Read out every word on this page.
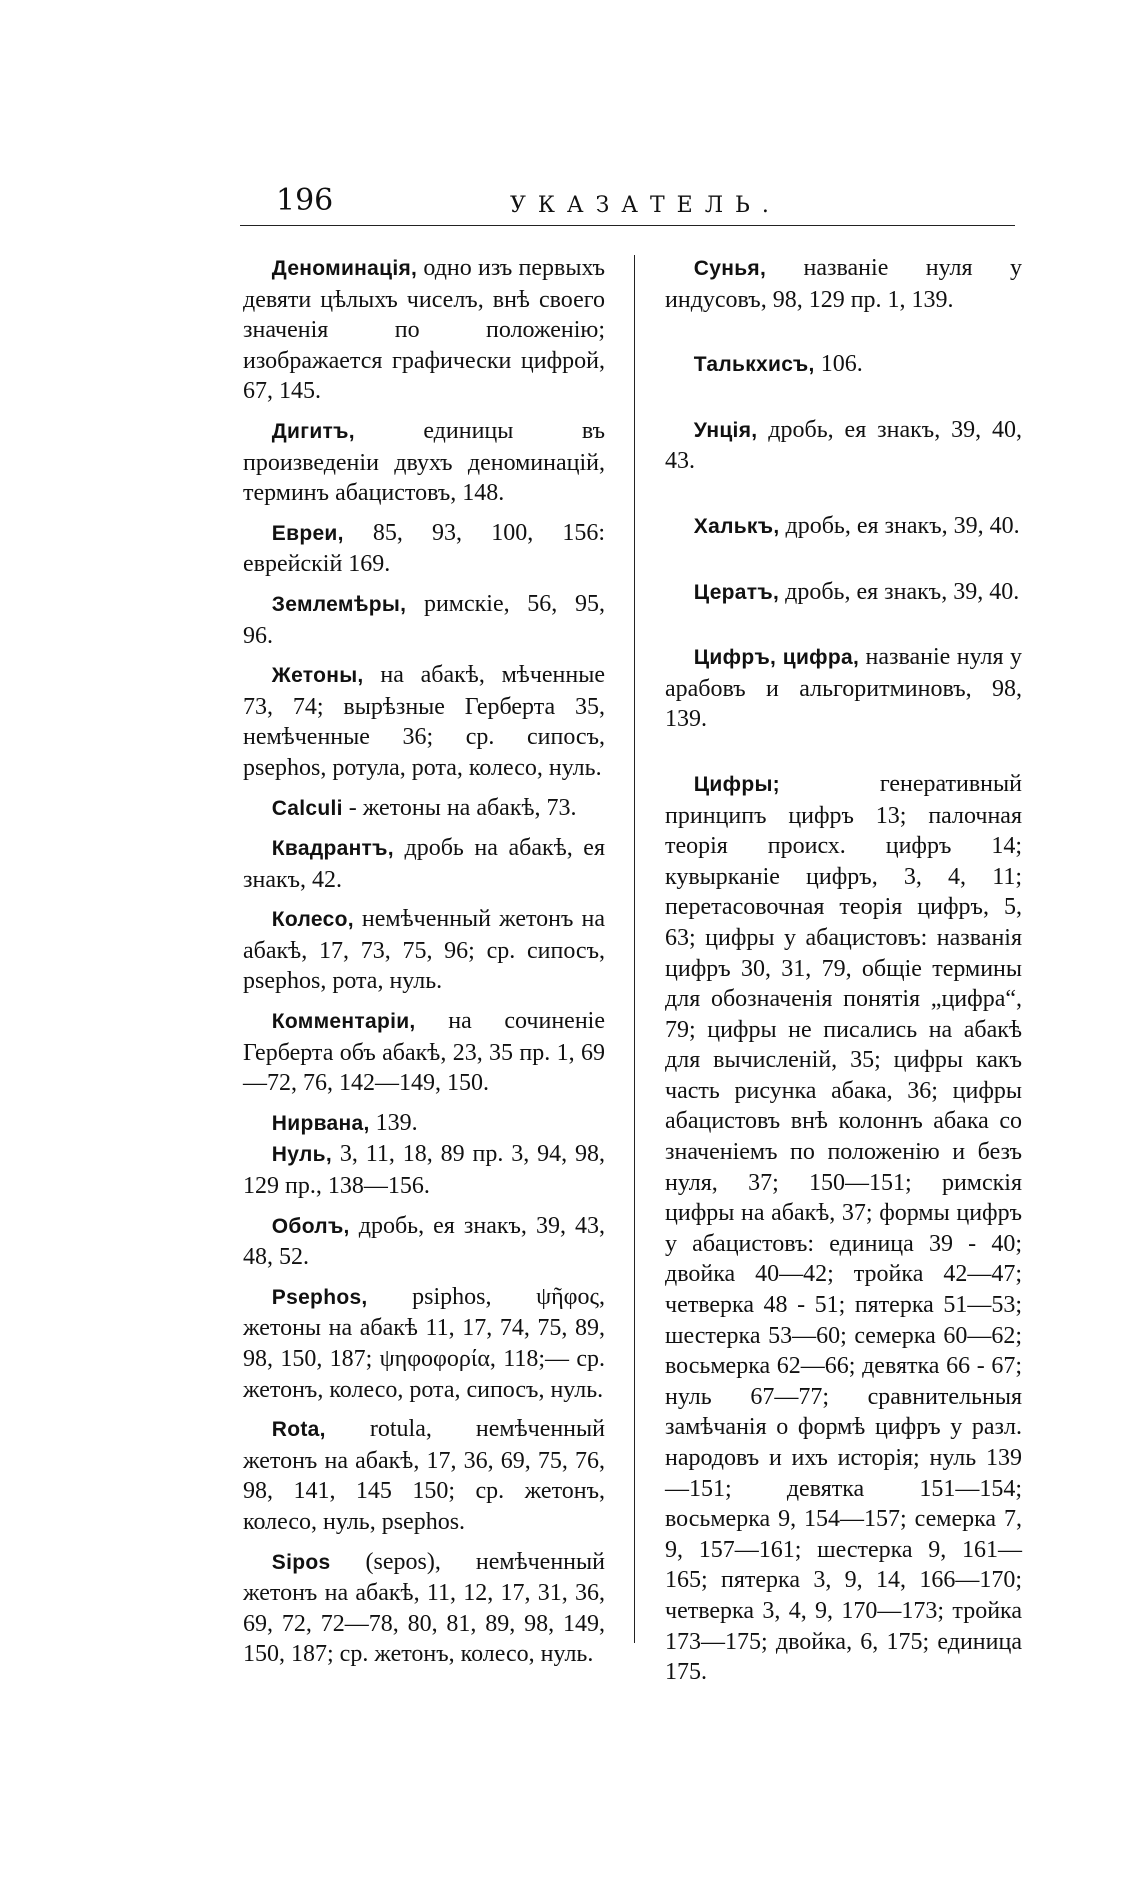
196	УКАЗАТЕЛЬ.

Деноминація, одно изъ первыхъ девяти цѣлыхъ чиселъ, внѣ своего значенія по положенію; изображается графически цифрой, 67, 145.

Дигитъ, единицы въ произведеніи двухъ деноминацій, терминъ абацистовъ, 148.

Евреи, 85, 93, 100, 156: еврейскій 169.

Землемѣры, римскіе, 56, 95, 96.

Жетоны, на абакѣ, мѣченные 73, 74; вырѣзные Герберта 35, немѣченные 36; ср. сипосъ, psephos, ротула, рота, колесо, нуль.

Calculi - жетоны на абакѣ, 73.

Квадрантъ, дробь на абакѣ, ея знакъ, 42.

Колесо, немѣченный жетонъ на абакѣ, 17, 73, 75, 96; ср. сипосъ, psephos, рота, нуль.

Комментаріи, на сочиненіе Герберта объ абакѣ, 23, 35 пр. 1, 69—72, 76, 142—149, 150.

Нирвана, 139.

Нуль, 3, 11, 18, 89 пр. 3, 94, 98, 129 пр., 138—156.

Оболъ, дробь, ея знакъ, 39, 43, 48, 52.

Psephos, psiphos, ψῆφος, жетоны на абакѣ 11, 17, 74, 75, 89, 98, 150, 187; ψηφοφορία, 118;— ср. жетонъ, колесо, рота, сипосъ, нуль.

Rota, rotula, немѣченный жетонъ на абакѣ, 17, 36, 69, 75, 76, 98, 141, 145 150; ср. жетонъ, колесо, нуль, psephos.

Sipos (sepos), немѣченный жетонъ на абакѣ, 11, 12, 17, 31, 36, 69, 72, 72—78, 80, 81, 89, 98, 149, 150, 187; ср. жетонъ, колесо, нуль.

Сунья, названіе нуля у индусовъ, 98, 129 пр. 1, 139.

Талькхисъ, 106.

Унція, дробь, ея знакъ, 39, 40, 43.

Халькъ, дробь, ея знакъ, 39, 40.

Цератъ, дробь, ея знакъ, 39, 40.

Цифръ, цифра, названіе нуля у арабовъ и альгоритминовъ, 98, 139.

Цифры; генеративный принципъ цифръ 13; палочная теорія происх. цифръ 14; кувырканіе цифръ, 3, 4, 11; перетасовочная теорія цифръ, 5, 63; цифры у абацистовъ: названія цифръ 30, 31, 79, общіе термины для обозначенія понятія „цифра“, 79; цифры не писались на абакѣ для вычисленій, 35; цифры какъ часть рисунка абака, 36; цифры абацистовъ внѣ колоннъ абака со значеніемъ по положенію и безъ нуля, 37; 150—151; римскія цифры на абакѣ, 37; формы цифръ у абацистовъ: единица 39 - 40; двойка 40—42; тройка 42—47; четверка 48 - 51; пятерка 51—53; шестерка 53—60; семерка 60—62; восьмерка 62—66; девятка 66 - 67; нуль 67—77; сравнительныя замѣчанія о формѣ цифръ у разл. народовъ и ихъ исторія; нуль 139—151; девятка 151—154; восьмерка 9, 154—157; семерка 7, 9, 157—161; шестерка 9, 161—165; пятерка 3, 9, 14, 166—170; четверка 3, 4, 9, 170—173; тройка 173—175; двойка, 6, 175; единица 175.
